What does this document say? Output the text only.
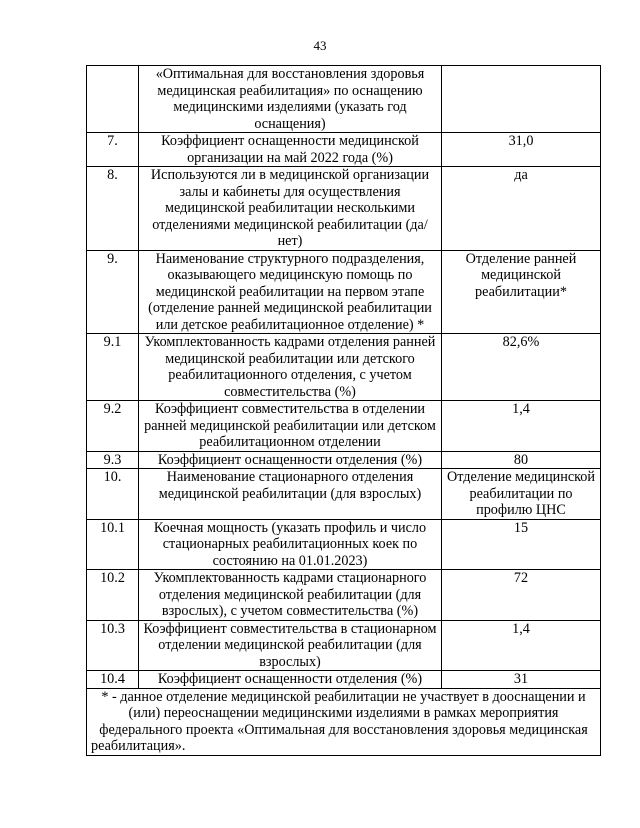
43
	«Оптимальная для восстановления здоровья медицинская реабилитация» по оснащению медицинскими изделиями (указать год оснащения)	
7.	Коэффициент оснащенности медицинской организации на май 2022 года (%)	31,0
8.	Используются ли в медицинской организации залы и кабинеты для осуществления медицинской реабилитации несколькими отделениями медицинской реабилитации (да/нет)	да
9.	Наименование структурного подразделения, оказывающего медицинскую помощь по медицинской реабилитации на первом этапе (отделение ранней медицинской реабилитации или детское реабилитационное отделение) *	Отделение ранней медицинской реабилитации*
9.1	Укомплектованность кадрами отделения ранней медицинской реабилитации или детского реабилитационного отделения, с учетом совместительства (%)	82,6%
9.2	Коэффициент совместительства в отделении ранней медицинской реабилитации или детском реабилитационном отделении	1,4
9.3	Коэффициент оснащенности отделения (%)	80
10.	Наименование стационарного отделения медицинской реабилитации (для взрослых)	Отделение медицинской реабилитации по профилю ЦНС
10.1	Коечная мощность (указать профиль и число стационарных реабилитационных коек по состоянию на 01.01.2023)	15
10.2	Укомплектованность кадрами стационарного отделения медицинской реабилитации (для взрослых), с учетом совместительства (%)	72
10.3	Коэффициент совместительства в стационарном отделении медицинской реабилитации (для взрослых)	1,4
10.4	Коэффициент оснащенности отделения (%)	31

* - данное отделение медицинской реабилитации не участвует в дооснащении и (или) переоснащении медицинскими изделиями в рамках мероприятия федерального проекта «Оптимальная для восстановления здоровья медицинская реабилитация».		
